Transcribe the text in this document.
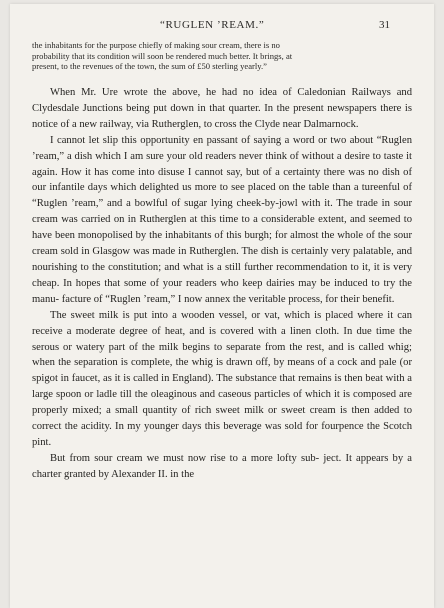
“RUGLEN ’REAM.”	31
the inhabitants for the purpose chiefly of making sour cream, there is no
probability that its condition will soon be rendered much better. It brings, at
present, to the revenues of the town, the sum of £50 sterling yearly.”

When Mr. Ure wrote the above, he had no idea of Caledonian Railways and Clydesdale Junctions being put down in that quarter. In the present newspapers there is notice of a new railway, via Rutherglen, to cross the Clyde near Dalmarnock.

I cannot let slip this opportunity en passant of saying a word or two about “Ruglen ’ream,” a dish which I am sure your old readers never think of without a desire to taste it again. How it has come into disuse I cannot say, but of a certainty there was no dish of our infantile days which delighted us more to see placed on the table than a tureenful of “Ruglen ’ream,” and a bowlful of sugar lying cheek-by-jowl with it. The trade in sour cream was carried on in Rutherglen at this time to a considerable extent, and seemed to have been monopolised by the inhabitants of this burgh; for almost the whole of the sour cream sold in Glasgow was made in Rutherglen. The dish is certainly very palatable, and nourishing to the constitution; and what is a still further recommendation to it, it is very cheap. In hopes that some of your readers who keep dairies may be induced to try the manu- facture of “Ruglen ’ream,” I now annex the veritable process, for their benefit.

The sweet milk is put into a wooden vessel, or vat, which is placed where it can receive a moderate degree of heat, and is covered with a linen cloth. In due time the serous or watery part of the milk begins to separate from the rest, and is called whig; when the separation is complete, the whig is drawn off, by means of a cock and pale (or spigot in faucet, as it is called in England). The substance that remains is then beat with a large spoon or ladle till the oleaginous and caseous particles of which it is composed are properly mixed; a small quantity of rich sweet milk or sweet cream is then added to correct the acidity. In my younger days this beverage was sold for fourpence the Scotch pint.

But from sour cream we must now rise to a more lofty sub- ject. It appears by a charter granted by Alexander II. in the
